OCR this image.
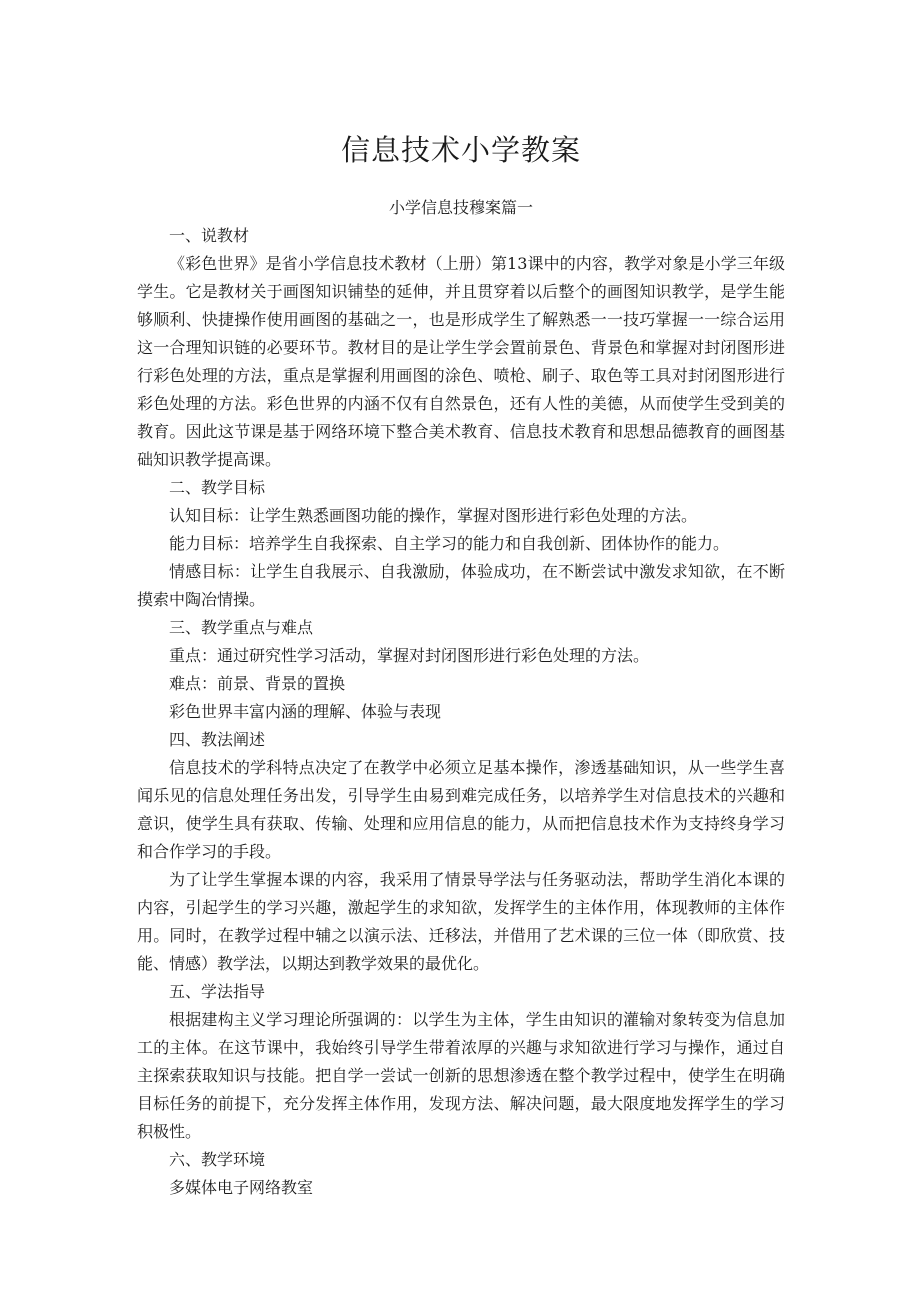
信息技术小学教案
小学信息技穆案篇一

一、说教材

《彩色世界》是省小学信息技术教材（上册）第13课中的内容，教学对象是小学三年级学生。它是教材关于画图知识铺垫的延伸，并且贯穿着以后整个的画图知识教学，是学生能够顺利、快捷操作使用画图的基础之一，也是形成学生了解熟悉一一技巧掌握一一综合运用这一合理知识链的必要环节。教材目的是让学生学会置前景色、背景色和掌握对封闭图形进行彩色处理的方法，重点是掌握利用画图的涂色、喷枪、刷子、取色等工具对封闭图形进行彩色处理的方法。彩色世界的内涵不仅有自然景色，还有人性的美德，从而使学生受到美的教育。因此这节课是基于网络环境下整合美术教育、信息技术教育和思想品德教育的画图基础知识教学提高课。

二、教学目标

认知目标：让学生熟悉画图功能的操作，掌握对图形进行彩色处理的方法。

能力目标：培养学生自我探索、自主学习的能力和自我创新、团体协作的能力。

情感目标：让学生自我展示、自我激励，体验成功，在不断尝试中激发求知欲，在不断摸索中陶冶情操。

三、教学重点与难点

重点：通过研究性学习活动，掌握对封闭图形进行彩色处理的方法。

难点：前景、背景的置换

彩色世界丰富内涵的理解、体验与表现

四、教法阐述

信息技术的学科特点决定了在教学中必须立足基本操作，渗透基础知识，从一些学生喜闻乐见的信息处理任务出发，引导学生由易到难完成任务，以培养学生对信息技术的兴趣和意识，使学生具有获取、传输、处理和应用信息的能力，从而把信息技术作为支持终身学习和合作学习的手段。

为了让学生掌握本课的内容，我采用了情景导学法与任务驱动法，帮助学生消化本课的内容，引起学生的学习兴趣，激起学生的求知欲，发挥学生的主体作用，体现教师的主体作用。同时，在教学过程中辅之以演示法、迁移法，并借用了艺术课的三位一体（即欣赏、技能、情感）教学法，以期达到教学效果的最优化。

五、学法指导

根据建构主义学习理论所强调的：以学生为主体，学生由知识的灌输对象转变为信息加工的主体。在这节课中，我始终引导学生带着浓厚的兴趣与求知欲进行学习与操作，通过自主探索获取知识与技能。把自学一尝试一创新的思想渗透在整个教学过程中，使学生在明确目标任务的前提下，充分发挥主体作用，发现方法、解决问题，最大限度地发挥学生的学习积极性。

六、教学环境

多媒体电子网络教室
